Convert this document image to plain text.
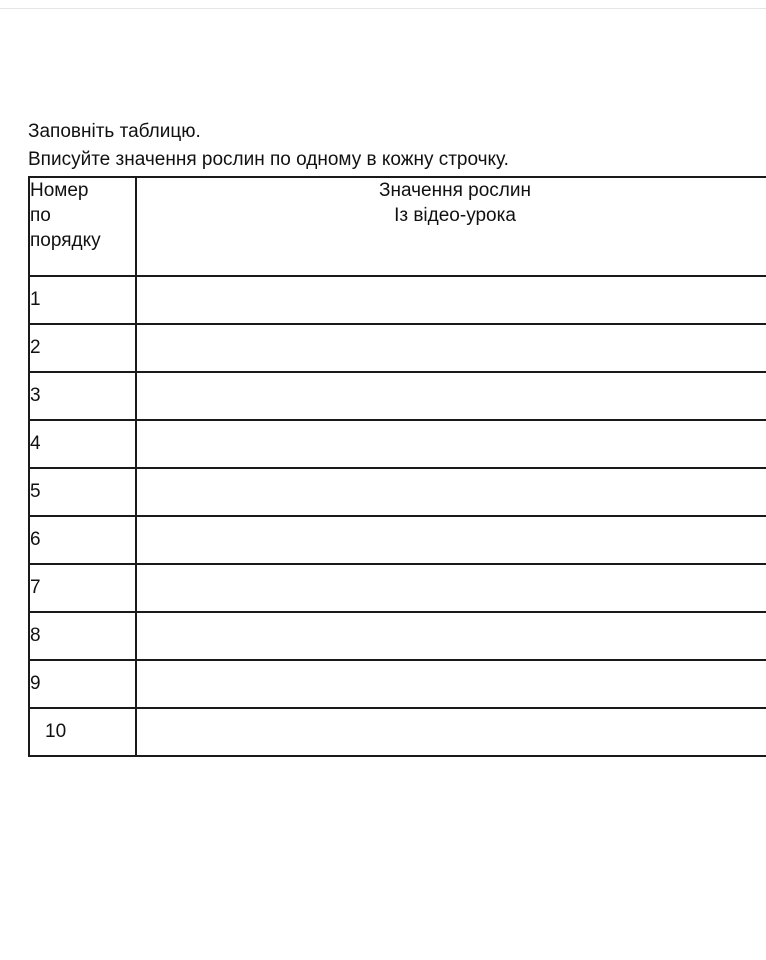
Заповніть таблицю.

Вписуйте значення рослин по одному в кожну строчку.

Номер
по
порядку	Значення рослин
Із відео-урока

1	
2	
3	
4	
5	
6	
7	
8	
9	
10	
